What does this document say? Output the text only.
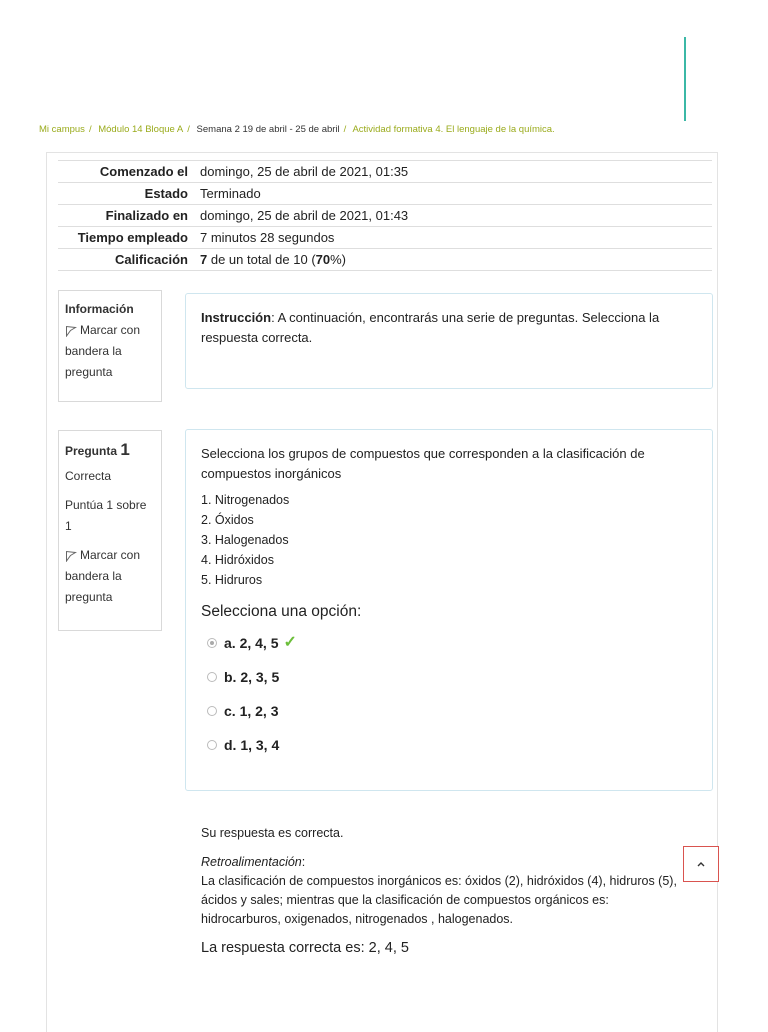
Mi campus / Módulo 14 Bloque A / Semana 2 19 de abril - 25 de abril / Actividad formativa 4. El lenguaje de la química.
Comenzado el	domingo, 25 de abril de 2021, 01:35
Estado	Terminado
Finalizado en	domingo, 25 de abril de 2021, 01:43
Tiempo empleado	7 minutos 28 segundos
Calificación	7 de un total de 10 (70%)
Información
Marcar con bandera la pregunta
Instrucción: A continuación, encontrarás una serie de preguntas. Selecciona la respuesta correcta.
Pregunta 1
Correcta
Puntúa 1 sobre 1
Marcar con bandera la pregunta
Selecciona los grupos de compuestos que corresponden a la clasificación de compuestos inorgánicos
1. Nitrogenados
2. Óxidos
3. Halogenados
4. Hidróxidos
5. Hidruros
Selecciona una opción:
a. 2, 4, 5 ✓
b. 2, 3, 5
c. 1, 2, 3
d. 1, 3, 4
Su respuesta es correcta.
Retroalimentación:
La clasificación de compuestos inorgánicos es: óxidos (2), hidróxidos (4), hidruros (5), ácidos y sales; mientras que la clasificación de compuestos orgánicos es: hidrocarburos, oxigenados, nitrogenados , halogenados.
La respuesta correcta es: 2, 4, 5
